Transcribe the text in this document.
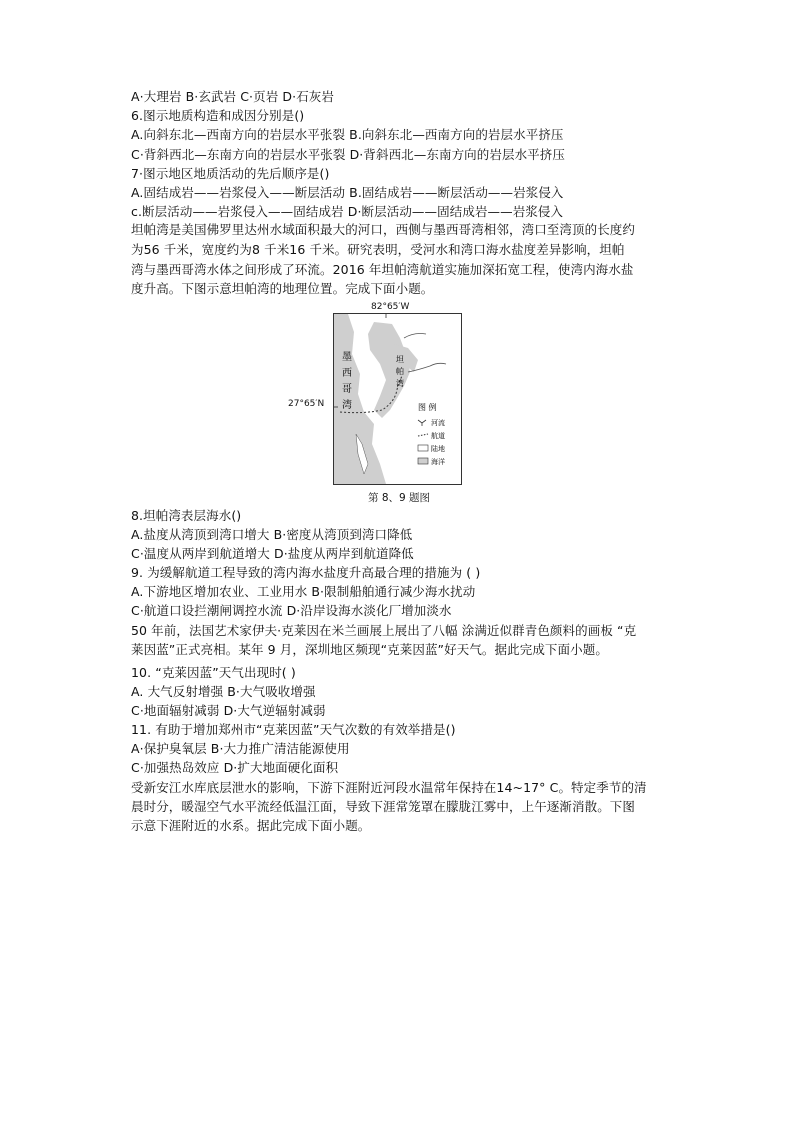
A·大理岩 B·玄武岩 C·页岩 D·石灰岩
6.图示地质构造和成因分别是()
A.向斜东北—西南方向的岩层水平张裂 B.向斜东北—西南方向的岩层水平挤压
C·背斜西北—东南方向的岩层水平张裂 D·背斜西北—东南方向的岩层水平挤压
7·图示地区地质活动的先后顺序是()
A.固结成岩——岩浆侵入——断层活动 B.固结成岩——断层活动——岩浆侵入
c.断层活动——岩浆侵入——固结成岩 D·断层活动——固结成岩——岩浆侵入
坦帕湾是美国佛罗里达州水域面积最大的河口，西侧与墨西哥湾相邻，湾口至湾顶的长度约
为56 千米，宽度约为8 千米16 千米。研究表明，受河水和湾口海水盐度差异影响，坦帕
湾与墨西哥湾水体之间形成了环流。2016 年坦帕湾航道实施加深拓宽工程，使湾内海水盐
度升高。下图示意坦帕湾的地理位置。完成下面小题。
墨
西
哥
湾
坦
帕
湾
图 例
河流
航道
陆地
海洋
82°65′W
27°65′N
第 8、9 题图
8.坦帕湾表层海水()
A.盐度从湾顶到湾口增大 B·密度从湾顶到湾口降低
C·温度从两岸到航道增大 D·盐度从两岸到航道降低
9. 为缓解航道工程导致的湾内海水盐度升高最合理的措施为 ( )
A.下游地区增加农业、工业用水 B·限制船舶通行减少海水扰动
C·航道口设拦潮闸调控水流 D·沿岸设海水淡化厂增加淡水
50 年前，法国艺术家伊夫·克莱因在米兰画展上展出了八幅 涂满近似群青色颜料的画板 “克
莱因蓝”正式亮相。某年 9 月，深圳地区频现“克莱因蓝”好天气。据此完成下面小题。
10. “克莱因蓝”天气出现时( )
A. 大气反射增强 B·大气吸收增强
C·地面辐射减弱 D·大气逆辐射减弱
11. 有助于增加郑州市“克莱因蓝”天气次数的有效举措是()
A·保护臭氧层 B·大力推广清洁能源使用
C·加强热岛效应 D·扩大地面硬化面积
受新安江水库底层泄水的影响，下游下涯附近河段水温常年保持在14~17° C。特定季节的清
晨时分，暖湿空气水平流经低温江面，导致下涯常笼罩在朦胧江雾中，上午逐渐消散。下图
示意下涯附近的水系。据此完成下面小题。
